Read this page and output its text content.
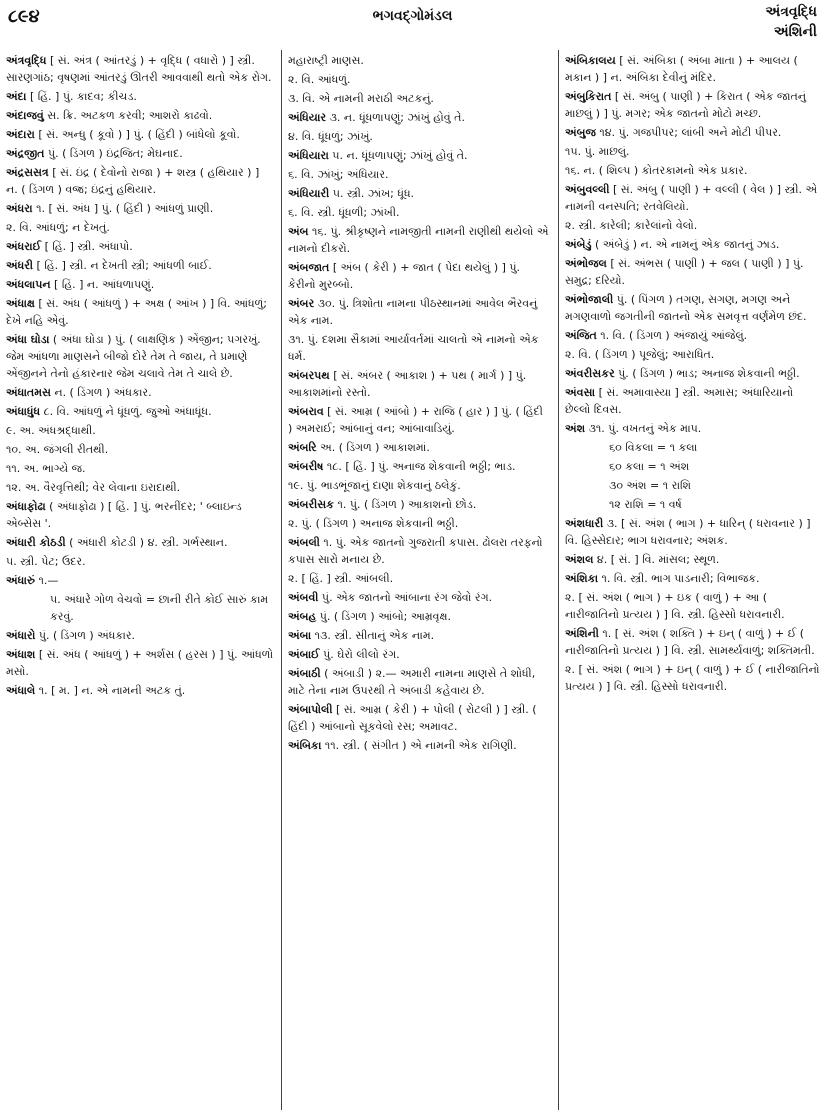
૮૯૪	ભગવદ્ગોમંડલ	અંત્રવૃદ્ધિ
અંશિની
અંત્રવૃદ્ધિ [ સં. અંત્ર ( આંતરડું ) + વૃદ્ધિ ( વધારો ) ] સ્ત્રી. સારણગાંઠ; વૃષણમાં આંતરડું ઊતરી આવવાથી થતો એક રોગ.
અંદા [ હિં. ] પું. કાદવ; કીચડ.
અંદાજવું સ. ક્રિ. અટકળ કરવી; આશરો કાઢવો.
અંદારા [ સં. અન્ધુ ( કૂવો ) ] પું. ( હિંદી ) બાંધેલો કૂવો.
અંદ્રજીત પું. ( ડિંગળ ) ઇંદ્રજિત; મેઘનાદ.
અંદ્રસસત્ર [ સં. ઇંદ્ર ( દેવોનો રાજા ) + શસ્ત્ર ( હથિયાર ) ] ન. ( ડિંગળ ) વજ્ર; ઇંદ્રનું હથિયાર.
અંધરા ૧. [ સં. અંધ ] પું. ( હિંદી ) આંધળું પ્રાણી.
૨. વિ. આંધળું; ન દેખતું.
અંધરાઈ [ હિં. ] સ્ત્રી. અંધાપો.
અંધરી [ હિં. ] સ્ત્રી. ન દેખતી સ્ત્રી; આંધળી બાઈ.
અંધલાપન [ હિં. ] ન. આંધળાપણું.
અંધાક્ષ [ સં. અંધ ( આંધળું ) + અક્ષ ( આંખ ) ] વિ. આંધળું; દેખે નહિ એવું.
અંધા ઘોડા ( અંધા ઘોડા ) પું. ( લાક્ષણિક ) એંજીન; ૫ગરખું. જેમ આંધળા માણસને બીજો દોરે તેમ તે જાય, તે પ્રમાણે એંજીનને તેનો હંકારનાર જેમ ચલાવે તેમ તે ચાલે છે.
અંધાતમસ ન. ( ડિંગળ ) અંધકાર.
અંધાધુંધ ૮. વિ. આંધળું ને ધૂંધળું. જુઓ અંધાધૂંધ.
૯. અ. અંધશ્રદ્ધાથી.
૧૦. અ. જંગલી રીતથી.
૧૧. અ. ભાગ્યે જ.
૧૨. અ. વૈરવૃત્તિથી; વેર લેવાના ઇરાદાથી.
અંધાફોઢા ( અંધાફોઢા ) [ હિં. ] પું. ભરનીંદર; ' બ્લાઇન્ડ એબ્સેસ '.
અંધારી કોઠડી ( અંધારી કોટડી ) ૪. સ્ત્રી. ગર્ભસ્થાન.
૫. સ્ત્રી. પેટ; ઉદર.
અંધારું ૧.—
૫. અંધારે ગોળ વેચવો = છાની રીતે કોઈ સારું કામ કરવું.
અંધારો પું. ( ડિંગળ ) અંધકાર.
અંધાશ [ સં. અંધ ( આંધળું ) + અર્શસ ( હરસ ) ] પું. આંધળો મસો.
અંધાલે ૧. [ મ. ] ન. એ નામની અટક તું.
મહારાષ્ટ્રી માણસ.
૨. વિ. આંધળું.
૩. વિ. એ નામની મરાઠી અટકનું.
અંધિયાર ૩. ન. ધૂંધળાપણું; ઝાંખું હોવું તે.
૪. વિ. ધૂંધળું; ઝાંખું.
અંધિયારા ૫. ન. ધૂંધળાપણું; ઝાંખું હોવું તે.
૬. વિ. ઝાંખું; અંધિયાર.
અંધિયારી ૫. સ્ત્રી. ઝાંખ; ધૂંધ.
૬. વિ. સ્ત્રી. ધૂંધળી; ઝાંખી.
અંબ ૧૬. પું. શ્રીકૃષ્ણને નામજીતી નામની રાણીથી થયેલો એ નામનો દીકરો.
અંબજાત [ અંબ ( કેરી ) + જાત ( પેદા થયેલું ) ] પું. કેરીનો મુરબ્બો.
અંબર ૩૦. પું. ત્રિશોતા નામના પીઠસ્થાનમાં આવેલ ભૈરવનું એક નામ.
૩૧. પું. દશમા સૈકામાં આર્યાવર્તમાં ચાલતો એ નામનો એક ધર્મ.
અંબરપથ [ સં. અંબર ( આકાશ ) + પથ ( માર્ગ ) ] પું. આકાશમાંનો રસ્તો.
અંબરાવ [ સં. આમ્ર ( આંબો ) + રાજિ ( હાર ) ] પું. ( હિંદી ) અમરાઈ; આંબાનું વન; આંબાવાડિયું.
અંબરિ અ. ( ડિંગળ ) આકાશમાં.
અંબરીષ ૧૮. [ હિં. ] પું. અનાજ શેકવાની ભઠ્ઠી; ભાડ.
૧૯. પું. ભાડભૂંજાનું દાણા શેકવાનું ઠલેકું.
અંબરીસક ૧. પું. ( ડિંગળ ) આકાશનો છોડ.
૨. પું. ( ડિંગળ ) અનાજ શેકવાની ભઠ્ઠી.
અંબલી ૧. પું. એક જાતનો ગુજરાતી કપાસ. ઢોલરા તરફનો કપાસ સારો મનાય છે.
૨. [ હિં. ] સ્ત્રી. આંબલી.
અંબવી પું. એક જાતનો આંબાના રંગ જેવો રંગ.
અંબહ પું. ( ડિંગળ ) આંબો; આમ્રવૃક્ષ.
અંબા ૧૩. સ્ત્રી. સીતાનું એક નામ.
અંબાઈ પું. ઘેરો લીલો રંગ.
અંબાઠી ( અંબાડી ) ૨.— અમારી નામના માણસે તે શોધી, માટે તેના નામ ઉપરથી તે અંબાડી કહેવાય છે.
અંબાપોલી [ સં. આમ્ર ( કેરી ) + પોલી ( રોટલી ) ] સ્ત્રી. ( હિંદી ) આંબાનો સૂકવેલો રસ; અમાવટ.
અંબિકા ૧૧. સ્ત્રી. ( સંગીત ) એ નામની એક રાગિણી.
અંબિકાલય [ સં. અંબિકા ( અંબા માતા ) + આલય ( મકાન ) ] ન. અંબિકા દેવીનું મંદિર.
અંબુકિરાત [ સં. અંબુ ( પાણી ) + કિરાત ( એક જાતનું માછલું ) ] પું. મગર; એક જાતનો મોટો મચ્છ.
અંબુજ ૧૪. પું. ગજપીપર; લાંબી અને મોટી પીપર.
૧૫. પું. માછલું.
૧૬. ન. ( શિલ્પ ) કોતરકામનો એક પ્રકાર.
અંબુવલ્લી [ સં. અંબુ ( પાણી ) + વલ્લી ( વેલ ) ] સ્ત્રી. એ નામની વનસ્પતિ; રતવેલિયો.
૨. સ્ત્રી. કારેલી; કારેલાંનો વેલો.
અંબેડું ( અંબેડું ) ન. એ નામનું એક જાતનું ઝાડ.
અંભોજલ [ સં. અંભસ ( પાણી ) + જલ ( પાણી ) ] પું. સમુદ્ર; દરિયો.
અંભોજાલી પું. ( પિંગળ ) તગણ, સગણ, મગણ અને મગણવાળો જગતીની જાતનો એક સમવૃત્ત વર્ણમેળ છંદ.
અંજિત ૧. વિ. ( ડિંગળ ) અંજાયું આંજેલું.
૨. વિ. ( ડિંગળ ) પૂજેલું; આરાધિત.
અંવરીસકર પું. ( ડિંગળ ) ભાડ; અનાજ શેકવાની ભઠ્ઠી.
અંવસા [ સં. અમાવાસ્યા ] સ્ત્રી. અમાસ; અંધારિયાનો છેલ્લો દિવસ.
અંશ ૩૧. પું. વખતનું એક માપ.
૬૦ વિકલા = ૧ કલા
૬૦ કલા = ૧ અંશ
૩૦ અંશ = ૧ રાશિ
૧૨ રાશિ = ૧ વર્ષ
અંશધારી ૩. [ સં. અંશ ( ભાગ ) + ધારિન્ ( ધરાવનાર ) ] વિ. હિસ્સેદાર; ભાગ ધરાવનાર; અંશક.
અંશલ ૪. [ સં. ] વિ. માંસલ; સ્થૂળ.
અંશિકા ૧. વિ. સ્ત્રી. ભાગ પાડનારી; વિભાજક.
૨. [ સં. અંશ ( ભાગ ) + ઇક ( વાળું ) + આ ( નારીજાતિનો પ્રત્યય ) ] વિ. સ્ત્રી. હિસ્સો ધરાવનારી.
અંશિની ૧. [ સં. અંશ ( શક્તિ ) + ઇન્ ( વાળું ) + ઈ ( નારીજાતિનો પ્રત્યય ) ] વિ. સ્ત્રી. સામર્થ્યવાળું; શક્તિમતી.
૨. [ સં. અંશ ( ભાગ ) + ઇન્ ( વાળું ) + ઈ ( નારીજાતિનો પ્રત્યય ) ] વિ. સ્ત્રી. હિસ્સો ધરાવનારી.
